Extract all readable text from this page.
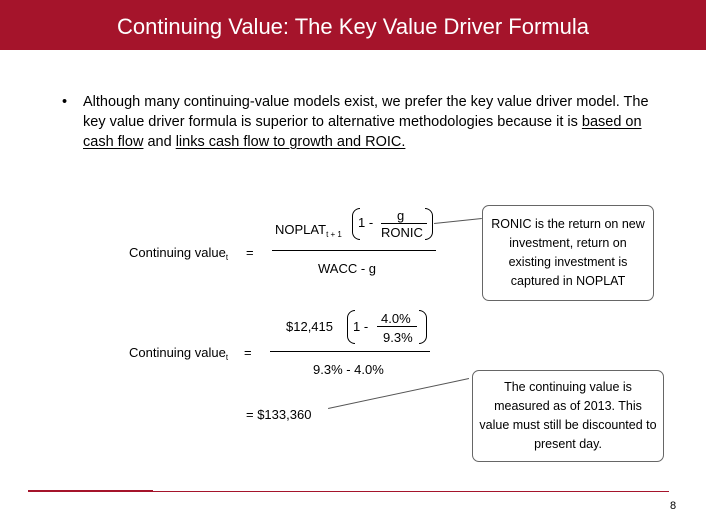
Continuing Value: The Key Value Driver Formula
•	Although many continuing-value models exist, we prefer the key value driver model. The key value driver formula is superior to alternative methodologies because it is based on cash flow and links cash flow to growth and ROIC.
Continuing value$_t$ =
$NOPLAT_{t + 1}$
1 - g
RONIC
WACC - g
$12,415 1 -
4.0%
9.3%
Continuing value$_t$ =
9.3% - 4.0%
= $133,360
RONIC is the return on new investment, return on existing investment is captured in NOPLAT
The continuing value is measured as of 2013. This value must still be discounted to present day.
8
